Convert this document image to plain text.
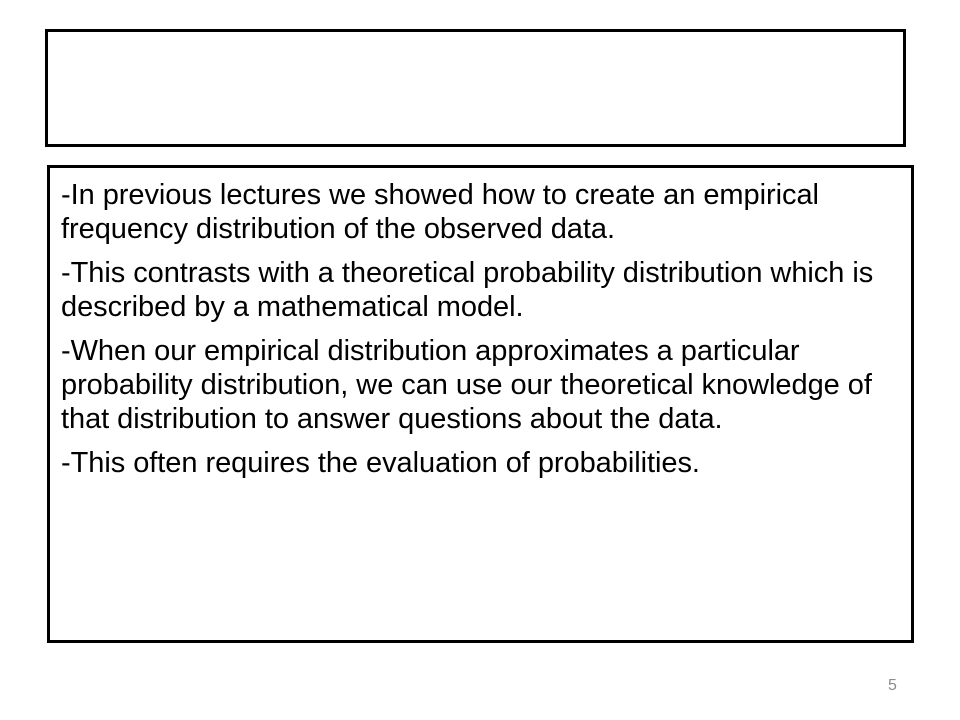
-In previous lectures we showed how to create an empirical frequency distribution of the observed data.

-This contrasts with a theoretical probability distribution which is described by a mathematical model.

-When our empirical distribution approximates a particular probability distribution, we can use our theoretical knowledge of that distribution to answer questions about the data.

-This often requires the evaluation of probabilities.

5
